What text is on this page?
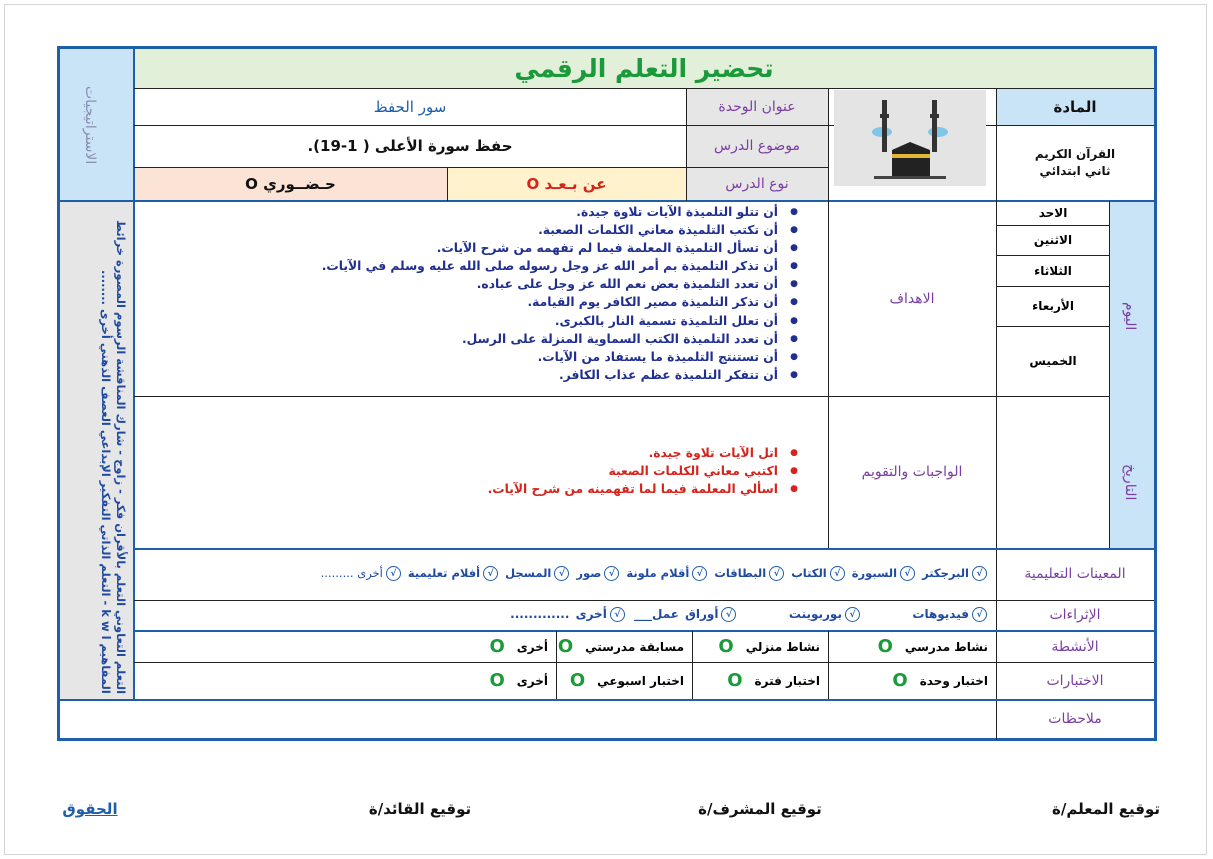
تحضير التعلم الرقمي
المادة
القرآن الكريم
ثاني ابتدائي
عنوان الوحدة
سور الحفظ
موضوع الدرس
حفظ سورة الأعلى ( 1-19).
نوع الدرس
عن بـعـد O
حـضــوري O
الاستراتيجيات
التعلم التعاوني التعلم بالأقران فكر - زاوج - شارك المناقشة الرسوم المصورة خرائط المفاهيم k w l - التعلم الذاتي التفكير الإبداعي العصف الذهني أخرى ........
اليوم
التاريخ
الاحد
الاثنين
الثلاثاء
الأربعاء
الخميس
الاهداف
● أن تتلو التلميذة الآيات تلاوة جيدة.
● أن تكتب التلميذة معاني الكلمات الصعبة.
● أن تسأل التلميذة المعلمة فيما لم تفهمه من شرح الآيات.
● أن تذكر التلميذة بم أمر الله عز وجل رسوله صلى الله عليه وسلم في الآيات.
● أن تعدد التلميذة بعض نعم الله عز وجل على عباده.
● أن تذكر التلميذة مصير الكافر يوم القيامة.
● أن تعلل التلميذة تسمية النار بالكبرى.
● أن تعدد التلميذة الكتب السماوية المنزلة على الرسل.
● أن تستنتج التلميذة ما يستفاد من الآيات.
● أن تتفكر التلميذة عظم عذاب الكافر.
الواجبات والتقويم
● اتل الآيات تلاوة جيدة.
● اكتبي معاني الكلمات الصعبة
● اسألي المعلمة فيما لما تفهمينه من شرح الآيات.
المعينات التعليمية
√البرجكتر √السبورة √الكتاب √البطاقات √أقلام ملونة √صور √المسجل √أفلام تعليمية √أخرى .........
الإثراءات
√فيديوهات        √بوربوينت        √أوراق عمل___ √أخرى .............
الأنشطة
نشاط مدرسي
O
نشاط منزلي
O
مسابقة مدرستي
O
أخرى
O
الاختبارات
اختبار وحدة
O
اختبار فترة
O
اختبار اسبوعي
O
أخرى
O
ملاحظات
توقيع المعلم/ة
توقيع المشرف/ة
توقيع القائد/ة
الحقوق
